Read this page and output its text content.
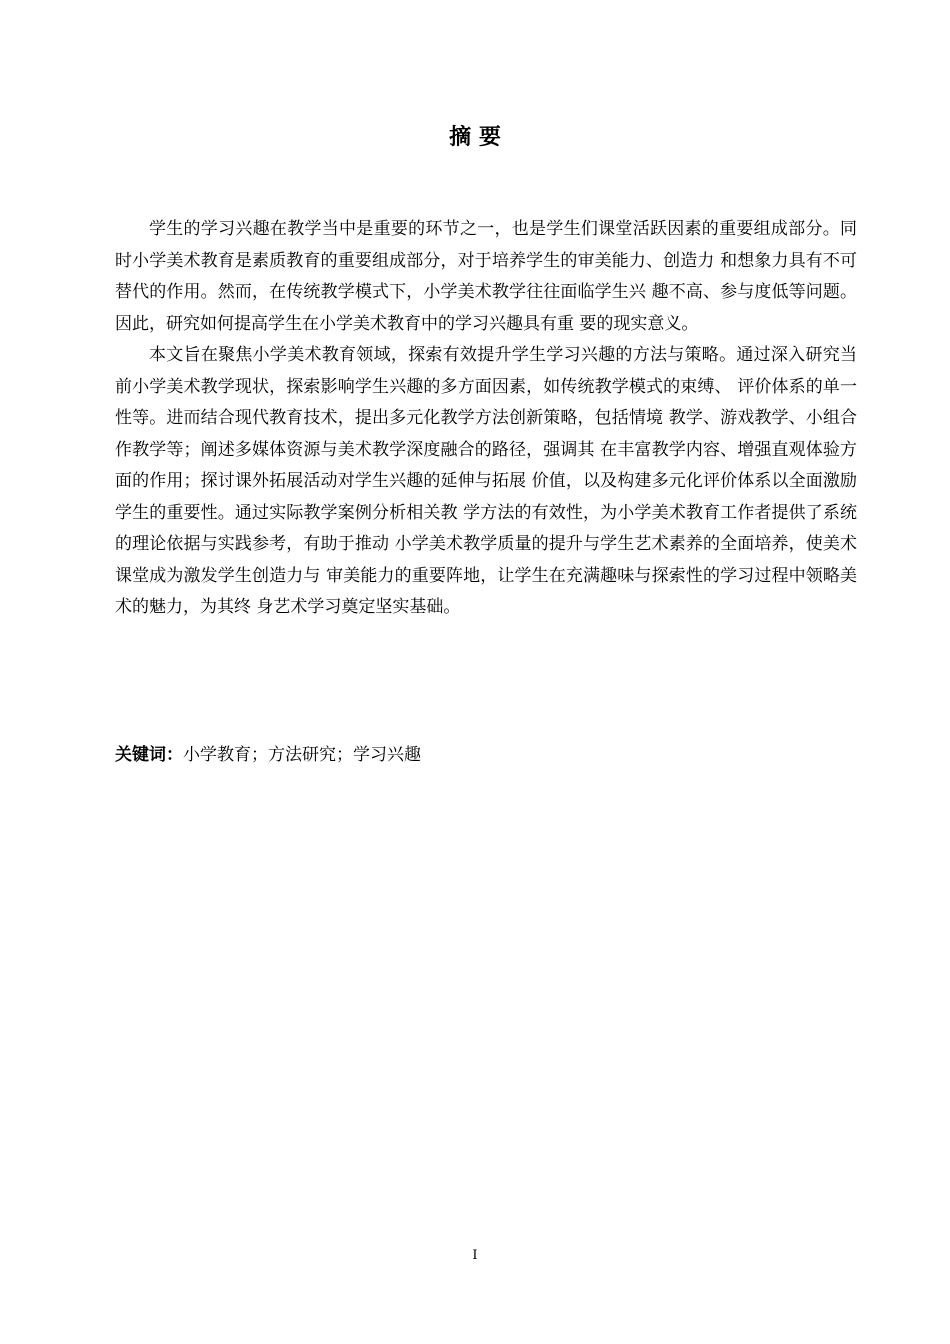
摘 要

学生的学习兴趣在教学当中是重要的环节之一，也是学生们课堂活跃因素的重要组成部分。同时小学美术教育是素质教育的重要组成部分，对于培养学生的审美能力、创造力 和想象力具有不可替代的作用。然而，在传统教学模式下，小学美术教学往往面临学生兴 趣不高、参与度低等问题。因此，研究如何提高学生在小学美术教育中的学习兴趣具有重 要的现实意义。

本文旨在聚焦小学美术教育领域，探索有效提升学生学习兴趣的方法与策略。通过深入研究当前小学美术教学现状，探索影响学生兴趣的多方面因素，如传统教学模式的束缚、 评价体系的单一性等。进而结合现代教育技术，提出多元化教学方法创新策略，包括情境 教学、游戏教学、小组合作教学等；阐述多媒体资源与美术教学深度融合的路径，强调其 在丰富教学内容、增强直观体验方面的作用；探讨课外拓展活动对学生兴趣的延伸与拓展 价值，以及构建多元化评价体系以全面激励学生的重要性。通过实际教学案例分析相关教 学方法的有效性，为小学美术教育工作者提供了系统的理论依据与实践参考，有助于推动 小学美术教学质量的提升与学生艺术素养的全面培养，使美术课堂成为激发学生创造力与 审美能力的重要阵地，让学生在充满趣味与探索性的学习过程中领略美术的魅力，为其终 身艺术学习奠定坚实基础。

关键词：小学教育；方法研究；学习兴趣
I
